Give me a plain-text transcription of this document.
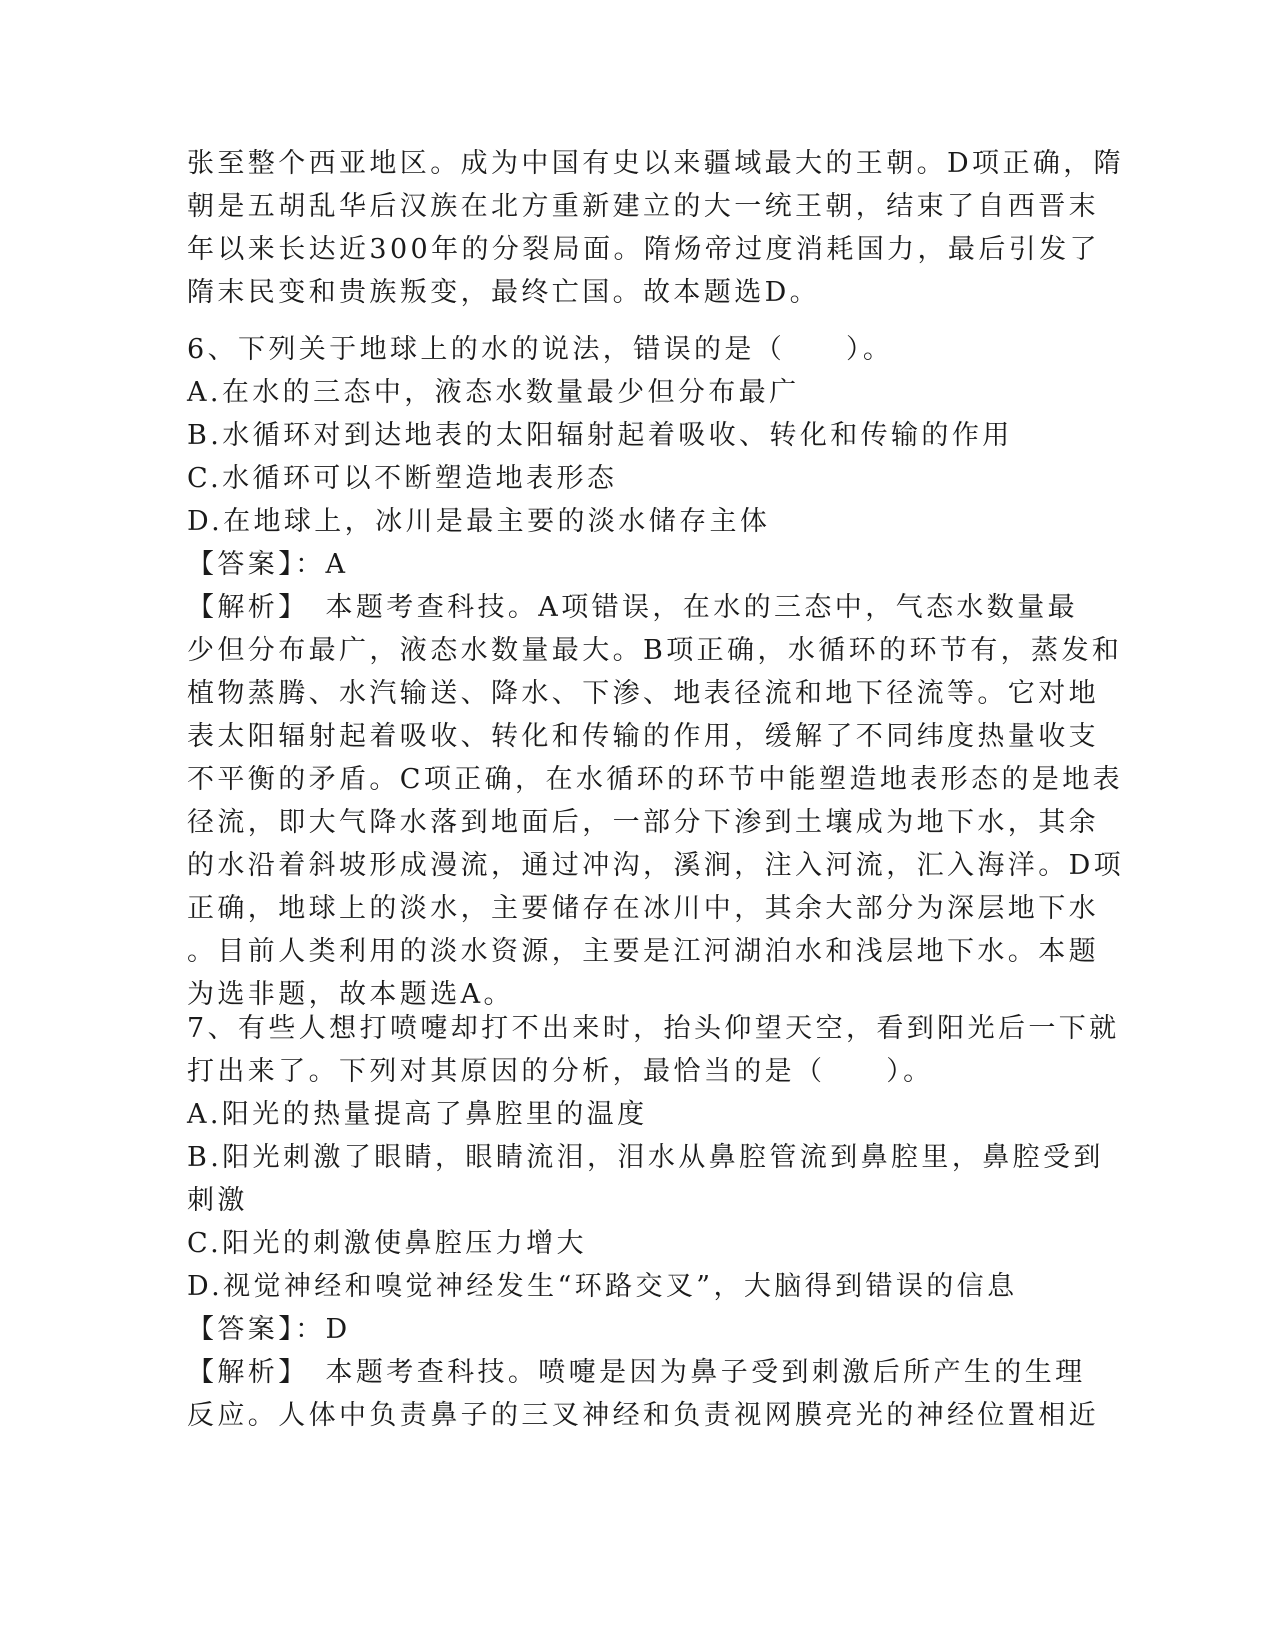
张至整个西亚地区。成为中国有史以来疆域最大的王朝。D项正确，隋
朝是五胡乱华后汉族在北方重新建立的大一统王朝，结束了自西晋末
年以来长达近300年的分裂局面。隋炀帝过度消耗国力，最后引发了
隋末民变和贵族叛变，最终亡国。故本题选D。
6、下列关于地球上的水的说法，错误的是（　　）。
A.在水的三态中，液态水数量最少但分布最广
B.水循环对到达地表的太阳辐射起着吸收、转化和传输的作用
C.水循环可以不断塑造地表形态
D.在地球上，冰川是最主要的淡水储存主体
【答案】：A
【解析】　本题考查科技。A项错误，在水的三态中，气态水数量最
少但分布最广，液态水数量最大。B项正确，水循环的环节有，蒸发和
植物蒸腾、水汽输送、降水、下渗、地表径流和地下径流等。它对地
表太阳辐射起着吸收、转化和传输的作用，缓解了不同纬度热量收支
不平衡的矛盾。C项正确，在水循环的环节中能塑造地表形态的是地表
径流，即大气降水落到地面后，一部分下渗到土壤成为地下水，其余
的水沿着斜坡形成漫流，通过冲沟，溪涧，注入河流，汇入海洋。D项
正确，地球上的淡水，主要储存在冰川中，其余大部分为深层地下水
。目前人类利用的淡水资源，主要是江河湖泊水和浅层地下水。本题
为选非题，故本题选A。
7、有些人想打喷嚏却打不出来时，抬头仰望天空，看到阳光后一下就
打出来了。下列对其原因的分析，最恰当的是（　　）。
A.阳光的热量提高了鼻腔里的温度
B.阳光刺激了眼睛，眼睛流泪，泪水从鼻腔管流到鼻腔里，鼻腔受到
刺激
C.阳光的刺激使鼻腔压力增大
D.视觉神经和嗅觉神经发生“环路交叉”，大脑得到错误的信息
【答案】：D
【解析】　本题考查科技。喷嚏是因为鼻子受到刺激后所产生的生理
反应。人体中负责鼻子的三叉神经和负责视网膜亮光的神经位置相近
